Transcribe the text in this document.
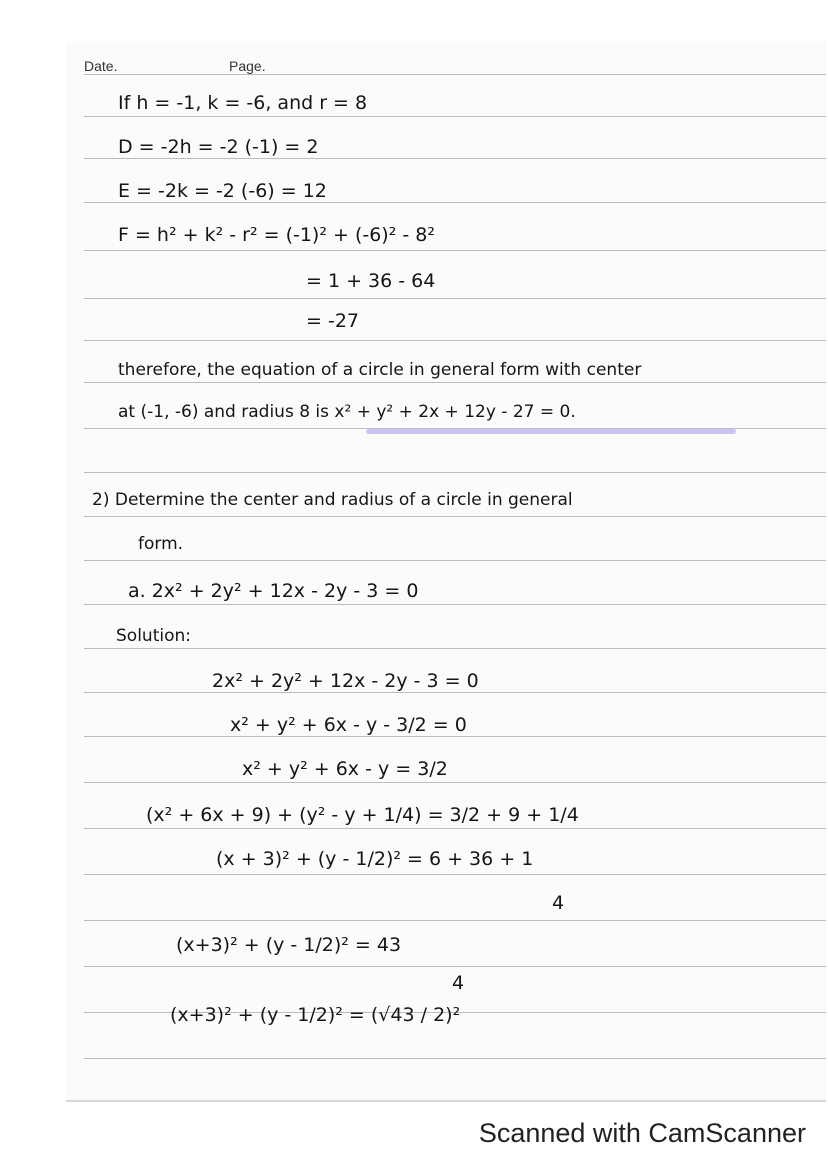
Date.	Page.
If h = -1, k = -6, and r = 8
D = -2h = -2 (-1) = 2
E = -2k = -2 (-6) = 12
F = h² + k² - r² = (-1)² + (-6)² - 8²
= 1 + 36 - 64
= -27
therefore, the equation of a circle in general form with center
at (-1, -6) and radius 8 is x² + y² + 2x + 12y - 27 = 0.
2) Determine the center and radius of a circle in general
form.
a. 2x² + 2y² + 12x - 2y - 3 = 0
Solution:
2x² + 2y² + 12x - 2y - 3 = 0
x² + y² + 6x - y - 3/2 = 0
x² + y² + 6x - y = 3/2
(x² + 6x + 9) + (y² - y + 1/4) = 3/2 + 9 + 1/4
(x + 3)² + (y - 1/2)² = 6 + 36 + 1
4
(x+3)² + (y - 1/2)² = 43
4
(x+3)² + (y - 1/2)² = (√43 / 2)²
Scanned with CamScanner
